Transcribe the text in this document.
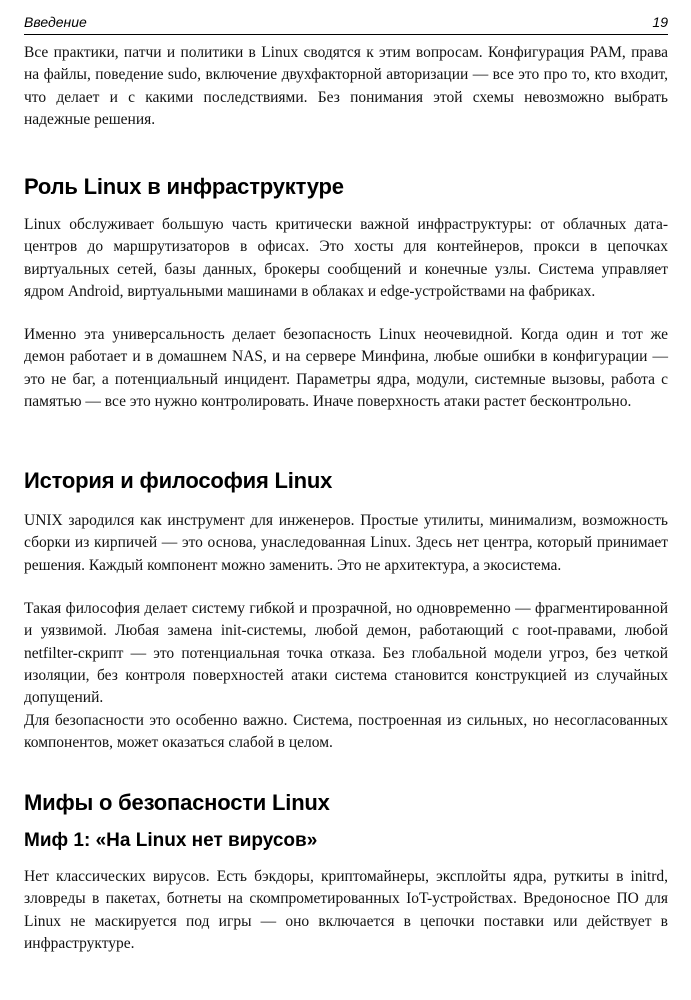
Введение	19

Все практики, патчи и политики в Linux сводятся к этим вопросам. Конфигурация PAM, права на файлы, поведение sudo, включение двухфакторной авторизации — все это про то, кто входит, что делает и с какими последствиями. Без понимания этой схемы невозможно выбрать надежные решения.

Роль Linux в инфраструктуре

Linux обслуживает большую часть критически важной инфраструктуры: от облачных дата-центров до маршрутизаторов в офисах. Это хосты для контейнеров, прокси в цепочках виртуальных сетей, базы данных, брокеры сообщений и конечные узлы. Система управляет ядром Android, виртуальными машинами в облаках и edge-устройствами на фабриках.

Именно эта универсальность делает безопасность Linux неочевидной. Когда один и тот же демон работает и в домашнем NAS, и на сервере Минфина, любые ошибки в конфигурации — это не баг, а потенциальный инцидент. Параметры ядра, модули, системные вызовы, работа с памятью — все это нужно контролировать. Иначе поверхность атаки растет бесконтрольно.

История и философия Linux

UNIX зародился как инструмент для инженеров. Простые утилиты, минимализм, возможность сборки из кирпичей — это основа, унаследованная Linux. Здесь нет центра, который принимает решения. Каждый компонент можно заменить. Это не архитектура, а экосистема.

Такая философия делает систему гибкой и прозрачной, но одновременно — фрагментированной и уязвимой. Любая замена init-системы, любой демон, работающий с root-правами, любой netfilter-скрипт — это потенциальная точка отказа. Без глобальной модели угроз, без четкой изоляции, без контроля поверхностей атаки система становится конструкцией из случайных допущений.

Для безопасности это особенно важно. Система, построенная из сильных, но несогласованных компонентов, может оказаться слабой в целом.

Мифы о безопасности Linux
Миф 1: «На Linux нет вирусов»

Нет классических вирусов. Есть бэкдоры, криптомайнеры, эксплойты ядра, руткиты в initrd, зловреды в пакетах, ботнеты на скомпрометированных IoT-устройствах. Вредоносное ПО для Linux не маскируется под игры — оно включается в цепочки поставки или действует в инфраструктуре.
